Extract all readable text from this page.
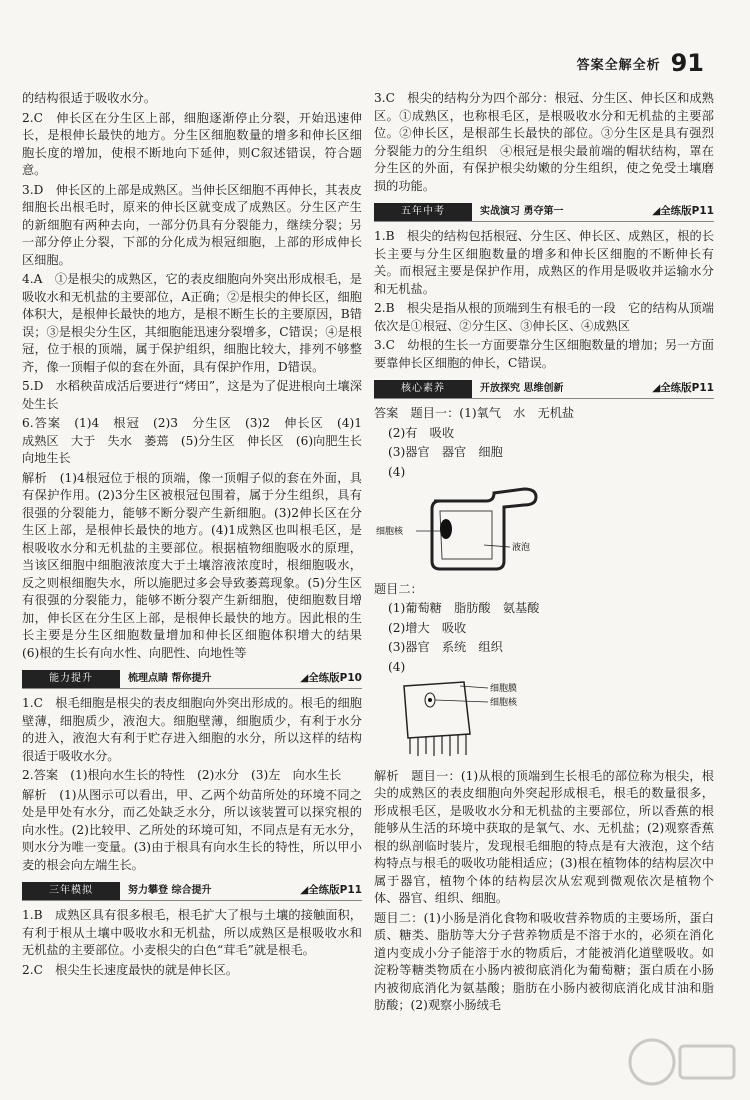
答案全解全析 91

的结构很适于吸收水分。

2.C　伸长区在分生区上部，细胞逐渐停止分裂，开始迅速伸长，是根伸长最快的地方。分生区细胞数量的增多和伸长区细胞长度的增加，使根不断地向下延伸，则C叙述错误，符合题意。

3.D　伸长区的上部是成熟区。当伸长区细胞不再伸长，其表皮细胞长出根毛时，原来的伸长区就变成了成熟区。分生区产生的新细胞有两种去向，一部分仍具有分裂能力，继续分裂；另一部分停止分裂，下部的分化成为根冠细胞，上部的形成伸长区细胞。

4.A　①是根尖的成熟区，它的表皮细胞向外突出形成根毛，是吸收水和无机盐的主要部位，A正确；②是根尖的伸长区，细胞体积大，是根伸长最快的地方，是根不断生长的主要原因，B错误；③是根尖分生区，其细胞能迅速分裂增多，C错误；④是根冠，位于根的顶端，属于保护组织，细胞比较大，排列不够整齐，像一顶帽子似的套在外面，具有保护作用，D错误。

5.D　水稻秧苗成活后要进行“烤田”，这是为了促进根向土壤深处生长

6.答案　(1)4　根冠　(2)3　分生区　(3)2　伸长区　(4)1　成熟区　大于　失水　萎蔫　(5)分生区　伸长区　(6)向肥生长　向地生长

解析　(1)4根冠位于根的顶端，像一顶帽子似的套在外面，具有保护作用。(2)3分生区被根冠包围着，属于分生组织，具有很强的分裂能力，能够不断分裂产生新细胞。(3)2伸长区在分生区上部，是根伸长最快的地方。(4)1成熟区也叫根毛区，是根吸收水分和无机盐的主要部位。根据植物细胞吸水的原理，当该区细胞中细胞液浓度大于土壤溶液浓度时，根细胞吸水，反之则根细胞失水，所以施肥过多会导致萎蔫现象。(5)分生区有很强的分裂能力，能够不断分裂产生新细胞，使细胞数目增加，伸长区在分生区上部，是根伸长最快的地方。因此根的生长主要是分生区细胞数量增加和伸长区细胞体积增大的结果　(6)根的生长有向水性、向肥性、向地性等

能力提升	梳理点睛 帮你提升	◢全练版P10

1.C　根毛细胞是根尖的表皮细胞向外突出形成的。根毛的细胞壁薄，细胞质少，液泡大。细胞壁薄，细胞质少，有利于水分的进入，液泡大有利于贮存进入细胞的水分，所以这样的结构很适于吸收水分。

2.答案　(1)根向水生长的特性　(2)水分　(3)左　向水生长

解析　(1)从图示可以看出，甲、乙两个幼苗所处的环境不同之处是甲处有水分，而乙处缺乏水分，所以该装置可以探究根的向水性。(2)比较甲、乙所处的环境可知，不同点是有无水分，则水分为唯一变量。(3)由于根具有向水生长的特性，所以甲小麦的根会向左端生长。

三年模拟	努力攀登 综合提升	◢全练版P11

1.B　成熟区具有很多根毛，根毛扩大了根与土壤的接触面积，有利于根从土壤中吸收水和无机盐，所以成熟区是根吸收水和无机盐的主要部位。小麦根尖的白色“茸毛”就是根毛。

2.C　根尖生长速度最快的就是伸长区。

3.C　根尖的结构分为四个部分：根冠、分生区、伸长区和成熟区。①成熟区，也称根毛区，是根吸收水分和无机盐的主要部位。②伸长区，是根部生长最快的部位。③分生区是具有强烈分裂能力的分生组织　④根冠是根尖最前端的帽状结构，罩在分生区的外面，有保护根尖幼嫩的分生组织，使之免受土壤磨损的功能。

五年中考	实战演习 勇夺第一	◢全练版P11

1.B　根尖的结构包括根冠、分生区、伸长区、成熟区，根的长长主要与分生区细胞数量的增多和伸长区细胞的不断伸长有关。而根冠主要是保护作用，成熟区的作用是吸收并运输水分和无机盐。

2.B　根尖是指从根的顶端到生有根毛的一段　它的结构从顶端依次是①根冠、②分生区、③伸长区、④成熟区

3.C　幼根的生长一方面要靠分生区细胞数量的增加；另一方面要靠伸长区细胞的伸长，C错误。

核心素养	开放探究 思维创新	◢全练版P11

答案　题目一：(1)氧气　水　无机盐

(2)有　吸收

(3)器官　器官　细胞

(4)

细胞核
液泡

题目二：

(1)葡萄糖　脂肪酸　氨基酸

(2)增大　吸收

(3)器官　系统　组织

(4)

细胞膜
细胞核

解析　题目一：(1)从根的顶端到生长根毛的部位称为根尖，根尖的成熟区的表皮细胞向外突起形成根毛，根毛的数量很多，形成根毛区，是吸收水分和无机盐的主要部位，所以香蕉的根能够从生活的环境中获取的是氧气、水、无机盐；(2)观察香蕉根的纵剖临时装片，发现根毛细胞的特点是有大液泡，这个结构特点与根毛的吸收功能相适应；(3)根在植物体的结构层次中属于器官，植物个体的结构层次从宏观到微观依次是植物个体、器官、组织、细胞。

题目二：(1)小肠是消化食物和吸收营养物质的主要场所，蛋白质、糖类、脂肪等大分子营养物质是不溶于水的，必须在消化道内变成小分子能溶于水的物质后，才能被消化道壁吸收。如淀粉等糖类物质在小肠内被彻底消化为葡萄糖；蛋白质在小肠内被彻底消化为氨基酸；脂肪在小肠内被彻底消化成甘油和脂肪酸；(2)观察小肠绒毛
